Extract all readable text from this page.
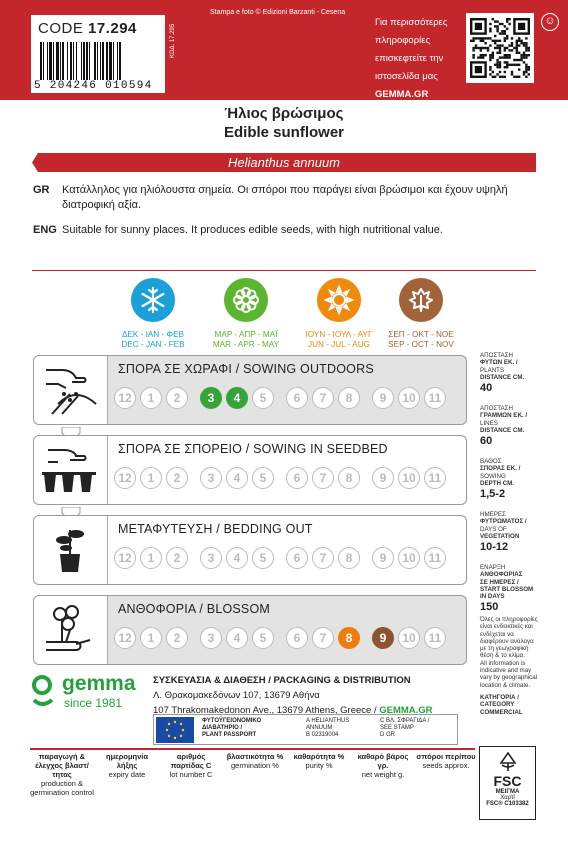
CODE 17.294
5 204246 010594
ΚΩΔ. 17.295
Stampa e foto © Edizioni Barzanti - Cesena
Για περισσότερες
πληροφορίες
επισκεφτείτε την
ιστοσελίδα μας
GEMMA.GR
☺
Ήλιος βρώσιμος
Edible sunflower
Helianthus annuum
GR Κατάλληλος για ηλιόλουστα σημεία. Οι σπόροι που παράγει είναι βρώσιμοι και έχουν υψηλή διατροφική αξία.
ENG Suitable for sunny places. It produces edible seeds, with high nutritional value.
ΔΕΚ - ΙΑΝ - ΦΕΒ
DEC - JAN - FEB
ΜΑΡ - ΑΠΡ - ΜΑΪ
MAR - APR - MAY
ΙΟΥΝ - ΙΟΥΛ - ΑΥΓ
JUN - JUL - AUG
ΣΕΠ - ΟΚΤ - ΝΟΕ
SEP - OCT - NOV
ΣΠΟΡΑ ΣΕ ΧΩΡΑΦΙ / SOWING OUTDOORS
12	1	2	3	4	5	6	7	8	9	10	11
ΣΠΟΡΑ ΣΕ ΣΠΟΡΕΙΟ / SOWING IN SEEDBED
12	1	2	3	4	5	6	7	8	9	10	11
ΜΕΤΑΦΥΤΕΥΣΗ / BEDDING OUT
12	1	2	3	4	5	6	7	8	9	10	11
ΑΝΘΟΦΟΡΙΑ / BLOSSOM
12	1	2	3	4	5	6	7	8	9	10	11
ΑΠΟΣΤΑΣΗ
ΦΥΤΩΝ ΕΚ. /
PLANTS
DISTANCE CM.
40
ΑΠΟΣΤΑΣΗ
ΓΡΑΜΜΩΝ ΕΚ. /
LINES
DISTANCE CM.
60
ΒΑΘΟΣ
ΣΠΟΡΑΣ ΕΚ. /
SOWING
DEPTH CM.
1,5-2
ΗΜΕΡΕΣ
ΦΥΤΡΩΜΑΤΟΣ /
DAYS OF
VEGETATION
10-12
ΕΝΑΡΞΗ
ΑΝΘΟΦΟΡΙΑΣ
ΣΕ ΗΜΕΡΕΣ /
START BLOSSOM IN DAYS
150
Όλες οι πληροφορίες είναι ενδεικτικές και ενδέχεται να διαφέρουν ανάλογα με τη γεωγραφική θέση & το κλίμα.
All information is indicative and may vary by geographical location & climate.
ΚΑΤΗΓΟΡΙΑ / CATEGORY COMMERCIAL
gemma
since 1981
ΣΥΣΚΕΥΑΣΙΑ & ΔΙΑΘΕΣΗ / PACKAGING & DISTRIBUTION
Λ. Θρακομακεδόνων 107, 13679 Αθήνα
107 Thrakomakedonon Ave., 13679 Athens, Greece / GEMMA.GR
ΦΥΤΟΫΓΕΙΟΝΟΜΙΚΟ
ΔΙΑΒΑΤΗΡΙΟ /
PLANT PASSPORT
A HELIANTHUS
ANNUUM
B 02319004
C ΒΛ. ΣΦΡΑΓΙΔΑ /
SEE STAMP
D GR
παραγωγή & έλεγχος βλαστ/τητας
production & germination control
ημερομηνία λήξης
expiry date
αριθμός παρτίδας C
lot number C
βλαστικότητα %
germination %
καθαρότητα %
purity %
καθαρό βάρος γρ.
net weight g.
σπόροι περίπου
seeds approx.
FSC
ΜΕΙΓΜΑ
Χαρτί
FSC® C103382
